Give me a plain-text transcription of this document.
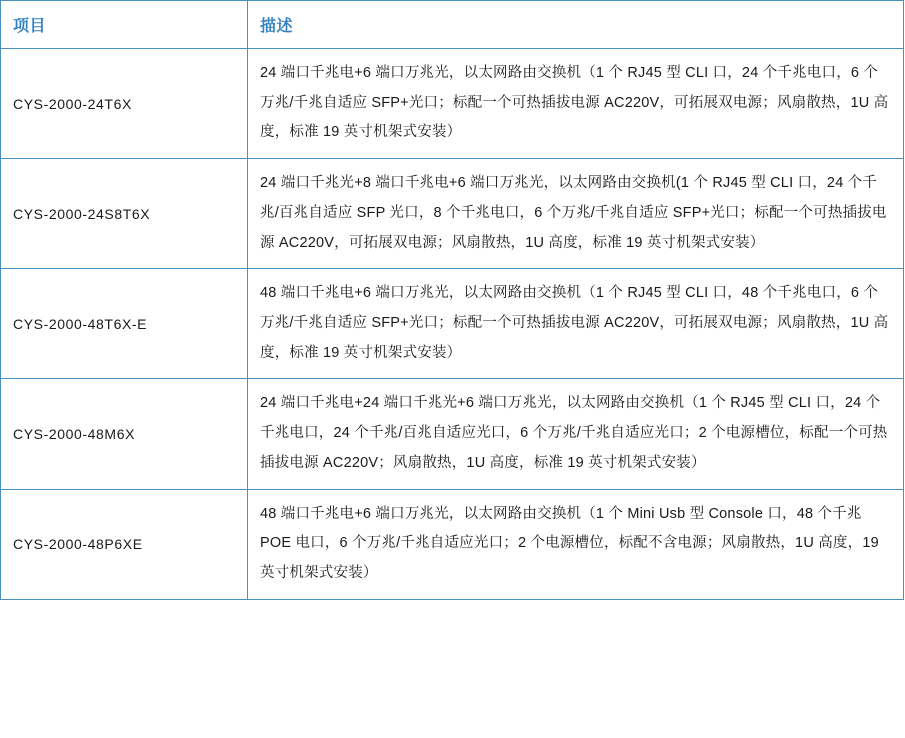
项目	描述
CYS-2000-24T6X	24 端口千兆电+6 端口万兆光，以太网路由交换机（1 个 RJ45 型 CLI 口，24 个千兆电口，6 个万兆/千兆自适应 SFP+光口；标配一个可热插拔电源 AC220V，可拓展双电源；风扇散热，1U 高度，标准 19 英寸机架式安装）
CYS-2000-24S8T6X	24 端口千兆光+8 端口千兆电+6 端口万兆光，以太网路由交换机(1 个 RJ45 型 CLI 口，24 个千兆/百兆自适应 SFP 光口，8 个千兆电口，6 个万兆/千兆自适应 SFP+光口；标配一个可热插拔电源 AC220V，可拓展双电源；风扇散热，1U 高度，标准 19 英寸机架式安装）
CYS-2000-48T6X-E	48 端口千兆电+6 端口万兆光，以太网路由交换机（1 个 RJ45 型 CLI 口，48 个千兆电口，6 个万兆/千兆自适应 SFP+光口；标配一个可热插拔电源 AC220V，可拓展双电源；风扇散热，1U 高度，标准 19 英寸机架式安装）
CYS-2000-48M6X	24 端口千兆电+24 端口千兆光+6 端口万兆光，以太网路由交换机（1 个 RJ45 型 CLI 口，24 个千兆电口，24 个千兆/百兆自适应光口，6 个万兆/千兆自适应光口；2 个电源槽位，标配一个可热插拔电源 AC220V；风扇散热，1U 高度，标准 19 英寸机架式安装）
CYS-2000-48P6XE	48 端口千兆电+6 端口万兆光，以太网路由交换机（1 个 Mini Usb 型 Console 口，48 个千兆 POE 电口，6 个万兆/千兆自适应光口；2 个电源槽位，标配不含电源；风扇散热，1U 高度，19 英寸机架式安装）
